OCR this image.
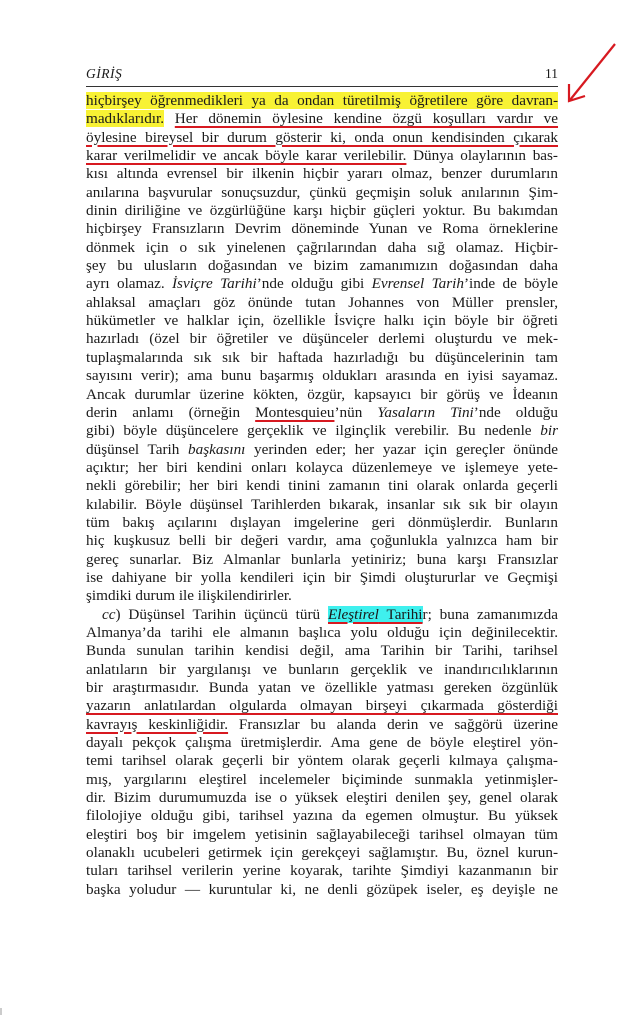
GİRİŞ	11
hiçbirşey öğrenmedikleri ya da ondan türetilmiş öğretilere göre davran-
madıklarıdır. Her dönemin öylesine kendine özgü koşulları vardır ve
öylesine bireysel bir durum gösterir ki, onda onun kendisinden çıkarak
karar verilmelidir ve ancak böyle karar verilebilir. Dünya olaylarının bas-
kısı altında evrensel bir ilkenin hiçbir yararı olmaz, benzer durumların
anılarına başvurular sonuçsuzdur, çünkü geçmişin soluk anılarının Şim-
dinin diriliğine ve özgürlüğüne karşı hiçbir güçleri yoktur. Bu bakımdan
hiçbirşey Fransızların Devrim döneminde Yunan ve Roma örneklerine
dönmek için o sık yinelenen çağrılarından daha sığ olamaz. Hiçbir-
şey bu ulusların doğasından ve bizim zamanımızın doğasından daha
ayrı olamaz. İsviçre Tarihi’nde olduğu gibi Evrensel Tarih’inde de böyle
ahlaksal amaçları göz önünde tutan Johannes von Müller prensler,
hükümetler ve halklar için, özellikle İsviçre halkı için böyle bir öğreti
hazırladı (özel bir öğretiler ve düşünceler derlemi oluşturdu ve mek-
tuplaşmalarında sık sık bir haftada hazırladığı bu düşüncelerinin tam
sayısını verir); ama bunu başarmış oldukları arasında en iyisi sayamaz.
Ancak durumlar üzerine kökten, özgür, kapsayıcı bir görüş ve İdeanın
derin anlamı (örneğin Montesquieu’nün Yasaların Tini’nde olduğu
gibi) böyle düşüncelere gerçeklik ve ilginçlik verebilir. Bu nedenle bir
düşünsel Tarih başkasını yerinden eder; her yazar için gereçler önünde
açıktır; her biri kendini onları kolayca düzenlemeye ve işlemeye yete-
nekli görebilir; her biri kendi tinini zamanın tini olarak onlarda geçerli
kılabilir. Böyle düşünsel Tarihlerden bıkarak, insanlar sık sık bir olayın
tüm bakış açılarını dışlayan imgelerine geri dönmüşlerdir. Bunların
hiç kuşkusuz belli bir değeri vardır, ama çoğunlukla yalnızca ham bir
gereç sunarlar. Biz Almanlar bunlarla yetiniriz; buna karşı Fransızlar
ise dahiyane bir yolla kendileri için bir Şimdi oluştururlar ve Geçmişi
şimdiki durum ile ilişkilendirirler.
cc) Düşünsel Tarihin üçüncü türü Eleştirel Tarihir; buna zamanımızda
Almanya’da tarihi ele almanın başlıca yolu olduğu için değinilecektir.
Bunda sunulan tarihin kendisi değil, ama Tarihin bir Tarihi, tarihsel
anlatıların bir yargılanışı ve bunların gerçeklik ve inandırıcılıklarının
bir araştırmasıdır. Bunda yatan ve özellikle yatması gereken özgünlük
yazarın anlatılardan olgularda olmayan birşeyi çıkarmada gösterdiği
kavrayış keskinliğidir. Fransızlar bu alanda derin ve sağgörü üzerine
dayalı pekçok çalışma üretmişlerdir. Ama gene de böyle eleştirel yön-
temi tarihsel olarak geçerli bir yöntem olarak geçerli kılmaya çalışma-
mış, yargılarını eleştirel incelemeler biçiminde sunmakla yetinmişler-
dir. Bizim durumumuzda ise o yüksek eleştiri denilen şey, genel olarak
filolojiye olduğu gibi, tarihsel yazına da egemen olmuştur. Bu yüksek
eleştiri boş bir imgelem yetisinin sağlayabileceği tarihsel olmayan tüm
olanaklı ucubeleri getirmek için gerekçeyi sağlamıştır. Bu, öznel kurun-
tuları tarihsel verilerin yerine koyarak, tarihte Şimdiyi kazanmanın bir
başka yoludur — kuruntular ki, ne denli gözüpek iseler, eş deyişle ne
